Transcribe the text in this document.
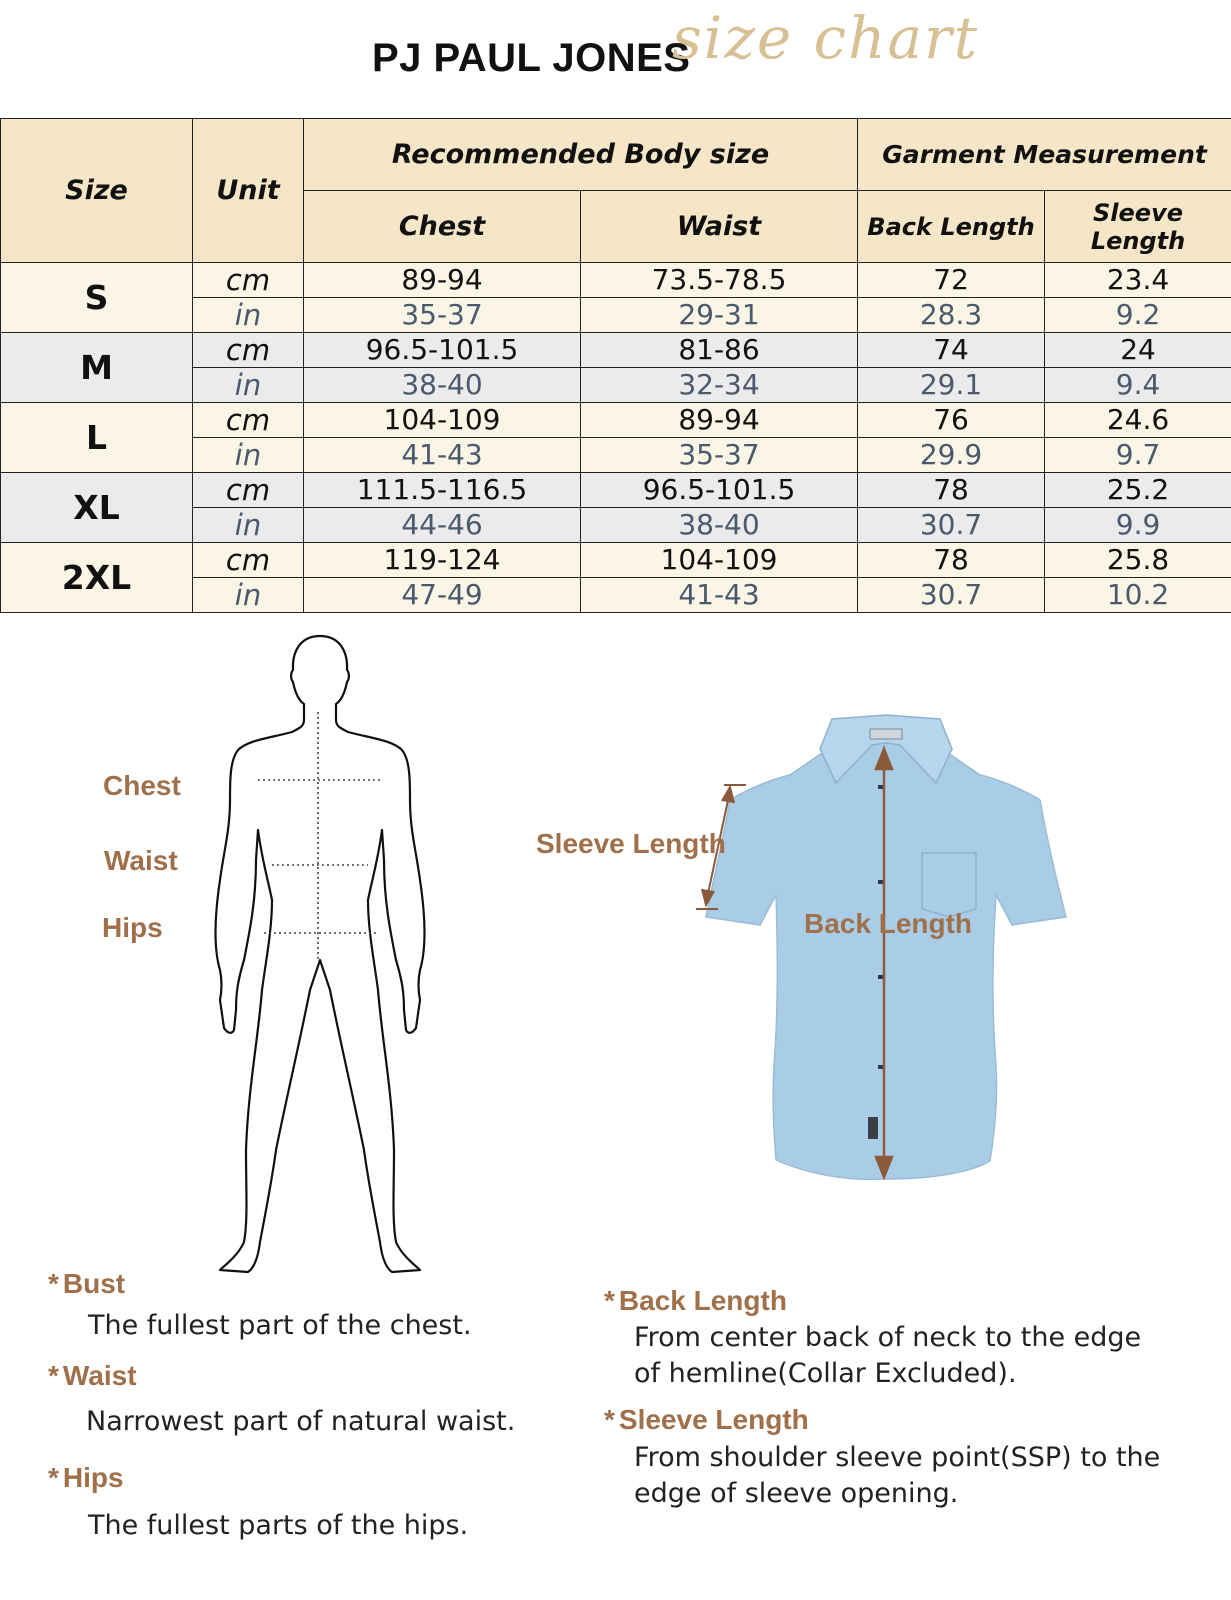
PJ PAUL JONES
size chart
Size	Unit	Recommended Body size		Garment Measurement	
		Chest	Waist	Back Length	Sleeve Length
S	cm	89-94	73.5-78.5	72	23.4
	in	35-37	29-31	28.3	9.2
M	cm	96.5-101.5	81-86	74	24
	in	38-40	32-34	29.1	9.4
L	cm	104-109	89-94	76	24.6
	in	41-43	35-37	29.9	9.7
XL	cm	111.5-116.5	96.5-101.5	78	25.2
	in	44-46	38-40	30.7	9.9
2XL	cm	119-124	104-109	78	25.8
	in	47-49	41-43	30.7	10.2
Chest
Waist
Hips
Sleeve Length
Back Length
* Bust
The fullest part of the chest.
* Waist
Narrowest part of natural waist.
* Hips
The fullest parts of the hips.
* Back Length
From center back of neck to the edge
of hemline(Collar Excluded).
* Sleeve Length
From shoulder sleeve point(SSP) to the
edge of sleeve opening.
